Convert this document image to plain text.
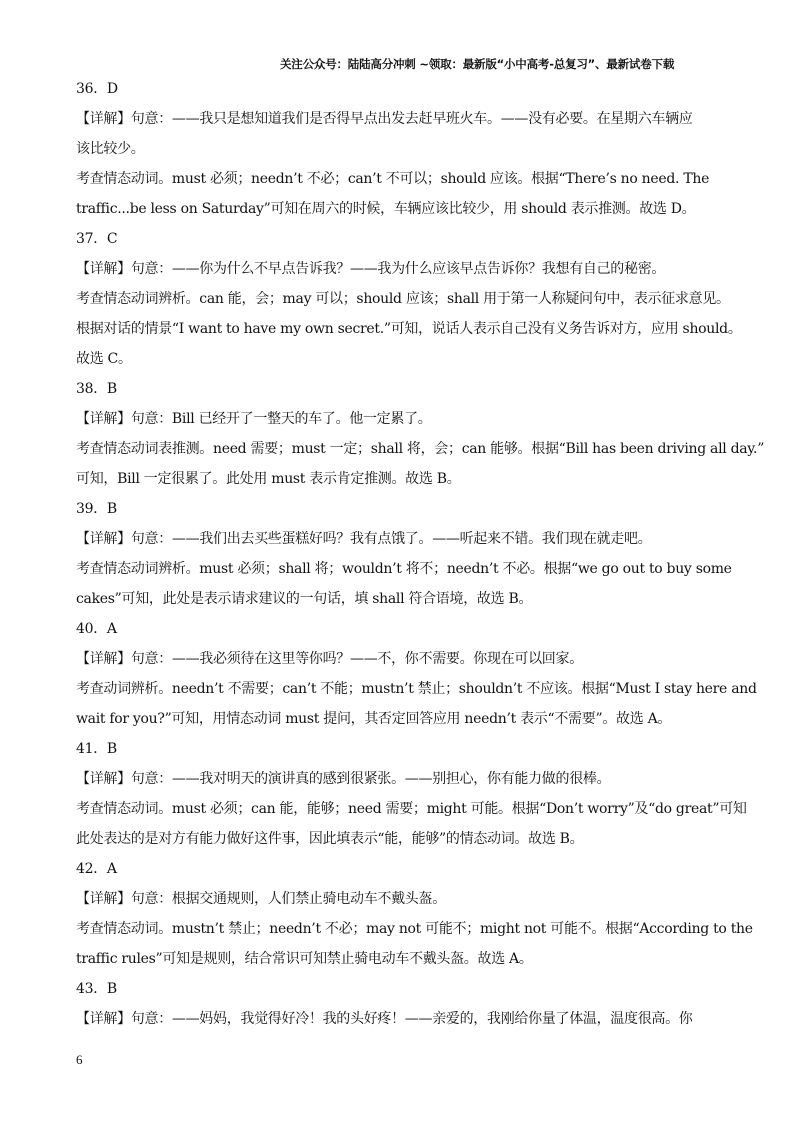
关注公众号：陆陆高分冲刺 ~领取：最新版“小中高考-总复习”、最新试卷下载
36．D
【详解】句意：——我只是想知道我们是否得早点出发去赶早班火车。——没有必要。在星期六车辆应
该比较少。
考查情态动词。must 必须；needn’t 不必；can’t 不可以；should 应该。根据“There’s no need. The
traffic...be less on Saturday”可知在周六的时候，车辆应该比较少，用 should 表示推测。故选 D。
37．C
【详解】句意：——你为什么不早点告诉我？——我为什么应该早点告诉你？我想有自己的秘密。
考查情态动词辨析。can 能，会；may 可以；should 应该；shall 用于第一人称疑问句中，表示征求意见。
根据对话的情景“I want to have my own secret.”可知，说话人表示自己没有义务告诉对方，应用 should。
故选 C。
38．B
【详解】句意：Bill 已经开了一整天的车了。他一定累了。
考查情态动词表推测。need 需要；must 一定；shall 将，会；can 能够。根据“Bill has been driving all day.”
可知，Bill 一定很累了。此处用 must 表示肯定推测。故选 B。
39．B
【详解】句意：——我们出去买些蛋糕好吗？我有点饿了。——听起来不错。我们现在就走吧。
考查情态动词辨析。must 必须；shall 将；wouldn’t 将不；needn’t 不必。根据“we go out to buy some
cakes”可知，此处是表示请求建议的一句话，填 shall 符合语境，故选 B。
40．A
【详解】句意：——我必须待在这里等你吗？——不，你不需要。你现在可以回家。
考查动词辨析。needn’t 不需要；can’t 不能；mustn’t 禁止；shouldn’t 不应该。根据“Must I stay here and
wait for you?”可知，用情态动词 must 提问，其否定回答应用 needn’t 表示“不需要”。故选 A。
41．B
【详解】句意：——我对明天的演讲真的感到很紧张。——别担心，你有能力做的很棒。
考查情态动词。must 必须；can 能，能够；need 需要；might 可能。根据“Don’t worry”及“do great”可知
此处表达的是对方有能力做好这件事，因此填表示“能，能够”的情态动词。故选 B。
42．A
【详解】句意：根据交通规则，人们禁止骑电动车不戴头盔。
考查情态动词。mustn’t 禁止；needn’t 不必；may not 可能不；might not 可能不。根据“According to the
traffic rules”可知是规则，结合常识可知禁止骑电动车不戴头盔。故选 A。
43．B
【详解】句意：——妈妈，我觉得好冷！我的头好疼！——亲爱的，我刚给你量了体温，温度很高。你
6
